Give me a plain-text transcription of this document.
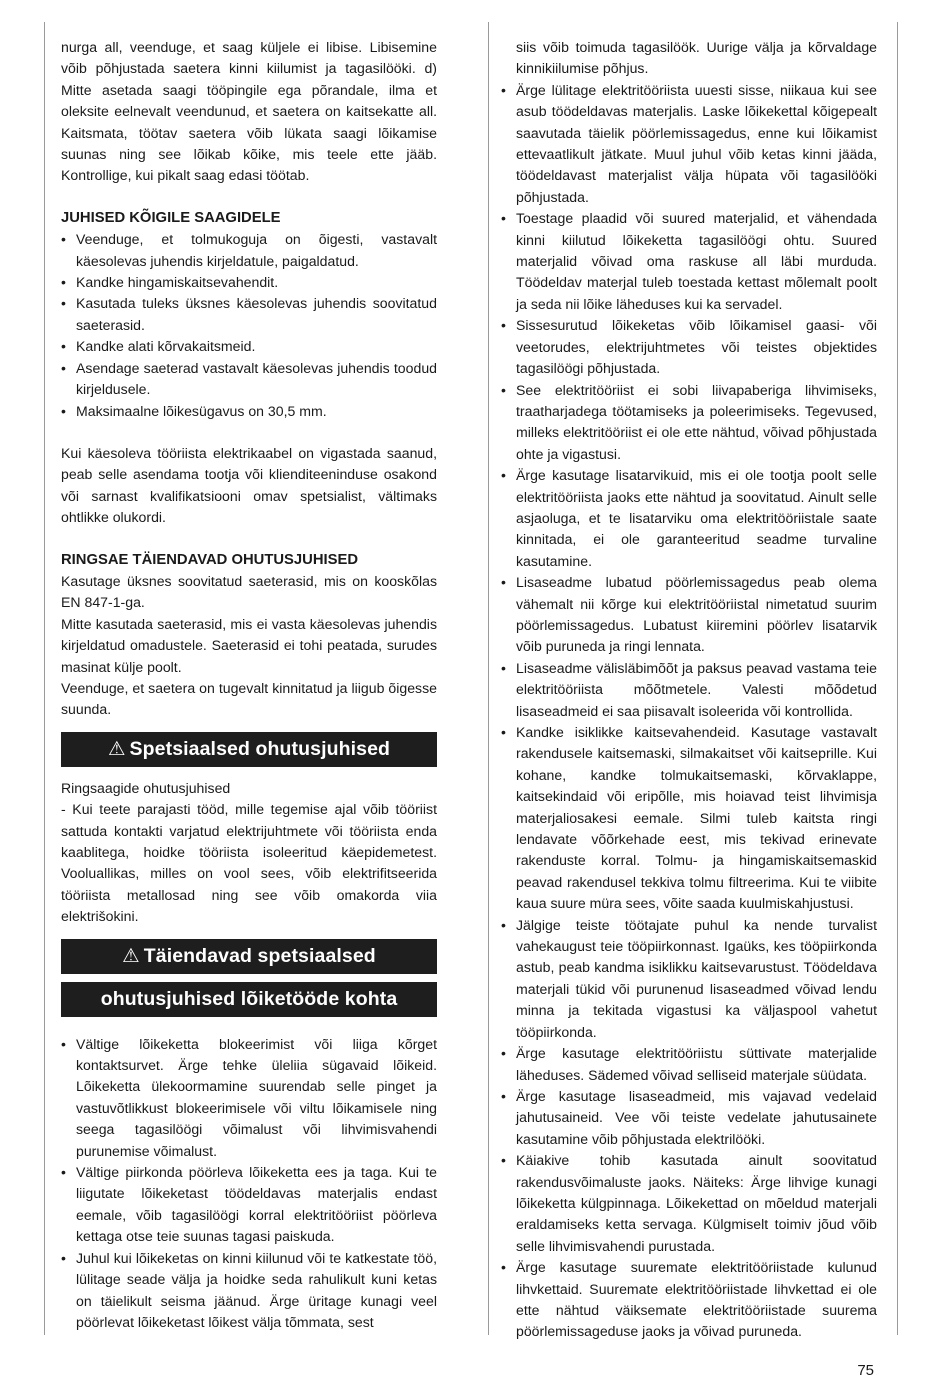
nurga all, veenduge, et saag küljele ei libise. Libisemine võib põhjustada saetera kinni kiilumist ja tagasilööki. d) Mitte asetada saagi tööpingile ega põrandale, ilma et oleksite eelnevalt veendunud, et saetera on kaitsekatte all. Kaitsmata, töötav saetera võib lükata saagi lõikamise suunas ning see lõikab kõike, mis teele ette jääb. Kontrollige, kui pikalt saag edasi töötab.

JUHISED KÕIGILE SAAGIDELE

• Veenduge, et tolmukoguja on õigesti, vastavalt käesolevas juhendis kirjeldatule, paigaldatud.
• Kandke hingamiskaitsevahendit.
• Kasutada tuleks üksnes käesolevas juhendis soovitatud saeterasid.
• Kandke alati kõrvakaitsmeid.
• Asendage saeterad vastavalt käesolevas juhendis toodud kirjeldusele.
• Maksimaalne lõikesügavus on 30,5 mm.

Kui käesoleva tööriista elektrikaabel on vigastada saanud, peab selle asendama tootja või klienditeeninduse osakond või sarnast kvalifikatsiooni omav spetsialist, vältimaks ohtlikke olukordi.

RINGSAE TÄIENDAVAD OHUTUSJUHISED

Kasutage üksnes soovitatud saeterasid, mis on kooskõlas EN 847-1-ga.

Mitte kasutada saeterasid, mis ei vasta käesolevas juhendis kirjeldatud omadustele. Saeterasid ei tohi peatada, surudes masinat külje poolt.

Veenduge, et saetera on tugevalt kinnitatud ja liigub õigesse suunda.

⚠ Spetsiaalsed ohutusjuhised

Ringsaagide ohutusjuhised

- Kui teete parajasti tööd, mille tegemise ajal võib tööriist sattuda kontakti varjatud elektrijuhtmete või tööriista enda kaablitega, hoidke tööriista isoleeritud käepidemetest. Vooluallikas, milles on vool sees, võib elektrifitseerida tööriista metallosad ning see võib omakorda viia elektrišokini.

⚠ Täiendavad spetsiaalsed
ohutusjuhised lõiketööde kohta
• Vältige lõikeketta blokeerimist või liiga kõrget kontaktsurvet. Ärge tehke üleliia sügavaid lõikeid. Lõikeketta ülekoormamine suurendab selle pinget ja vastuvõtlikkust blokeerimisele või viltu lõikamisele ning seega tagasilöögi võimalust või lihvimisvahendi purunemise võimalust.
• Vältige piirkonda pöörleva lõikeketta ees ja taga. Kui te liigutate lõikeketast töödeldavas materjalis endast eemale, võib tagasilöögi korral elektritööriist pöörleva kettaga otse teie suunas tagasi paiskuda.
• Juhul kui lõikeketas on kinni kiilunud või te katkestate töö, lülitage seade välja ja hoidke seda rahulikult kuni ketas on täielikult seisma jäänud. Ärge üritage kunagi veel pöörlevat lõikeketast lõikest välja tõmmata, sest

siis võib toimuda tagasilöök. Uurige välja ja kõrvaldage kinnikiilumise põhjus.

• Ärge lülitage elektritööriista uuesti sisse, niikaua kui see asub töödeldavas materjalis. Laske lõikekettal kõigepealt saavutada täielik pöörlemissagedus, enne kui lõikamist ettevaatlikult jätkate. Muul juhul võib ketas kinni jääda, töödeldavast materjalist välja hüpata või tagasilööki põhjustada.
• Toestage plaadid või suured materjalid, et vähendada kinni kiilutud lõikeketta tagasilöögi ohtu. Suured materjalid võivad oma raskuse all läbi murduda. Töödeldav materjal tuleb toestada kettast mõlemalt poolt ja seda nii lõike läheduses kui ka servadel.
• Sissesurutud lõikeketas võib lõikamisel gaasi- või veetorudes, elektrijuhtmetes või teistes objektides tagasilöögi põhjustada.
• See elektritööriist ei sobi liivapaberiga lihvimiseks, traatharjadega töötamiseks ja poleerimiseks. Tegevused, milleks elektritööriist ei ole ette nähtud, võivad põhjustada ohte ja vigastusi.
• Ärge kasutage lisatarvikuid, mis ei ole tootja poolt selle elektritööriista jaoks ette nähtud ja soovitatud. Ainult selle asjaoluga, et te lisatarviku oma elektritööriistale saate kinnitada, ei ole garanteeritud seadme turvaline kasutamine.
• Lisaseadme lubatud pöörlemissagedus peab olema vähemalt nii kõrge kui elektritööriistal nimetatud suurim pöörlemissagedus. Lubatust kiiremini pöörlev lisatarvik võib puruneda ja ringi lennata.
• Lisaseadme välisläbimõõt ja paksus peavad vastama teie elektritööriista mõõtmetele. Valesti mõõdetud lisaseadmeid ei saa piisavalt isoleerida või kontrollida.
• Kandke isiklikke kaitsevahendeid. Kasutage vastavalt rakendusele kaitsemaski, silmakaitset või kaitseprille. Kui kohane, kandke tolmukaitsemaski, kõrvaklappe, kaitsekindaid või eripõlle, mis hoiavad teist lihvimisja materjaliosakesi eemale. Silmi tuleb kaitsta ringi lendavate võõrkehade eest, mis tekivad erinevate rakenduste korral. Tolmu- ja hingamiskaitsemaskid peavad rakendusel tekkiva tolmu filtreerima. Kui te viibite kaua suure müra sees, võite saada kuulmiskahjustusi.
• Jälgige teiste töötajate puhul ka nende turvalist vahekaugust teie tööpiirkonnast. Igaüks, kes tööpiirkonda astub, peab kandma isiklikku kaitsevarustust. Töödeldava materjali tükid või purunenud lisaseadmed võivad lendu minna ja tekitada vigastusi ka väljaspool vahetut tööpiirkonda.
• Ärge kasutage elektritööriistu süttivate materjalide läheduses. Sädemed võivad selliseid materjale süüdata.
• Ärge kasutage lisaseadmeid, mis vajavad vedelaid jahutusaineid. Vee või teiste vedelate jahutusainete kasutamine võib põhjustada elektrilööki.
• Käiakive tohib kasutada ainult soovitatud rakendusvõimaluste jaoks. Näiteks: Ärge lihvige kunagi lõikeketta külgpinnaga. Lõikekettad on mõeldud materjali eraldamiseks ketta servaga. Külgmiselt toimiv jõud võib selle lihvimisvahendi purustada.
• Ärge kasutage suuremate elektritööriistade kulunud lihvkettaid. Suuremate elektritööriistade lihvkettad ei ole ette nähtud väiksemate elektritööriistade suurema pöörlemissageduse jaoks ja võivad puruneda.
75
